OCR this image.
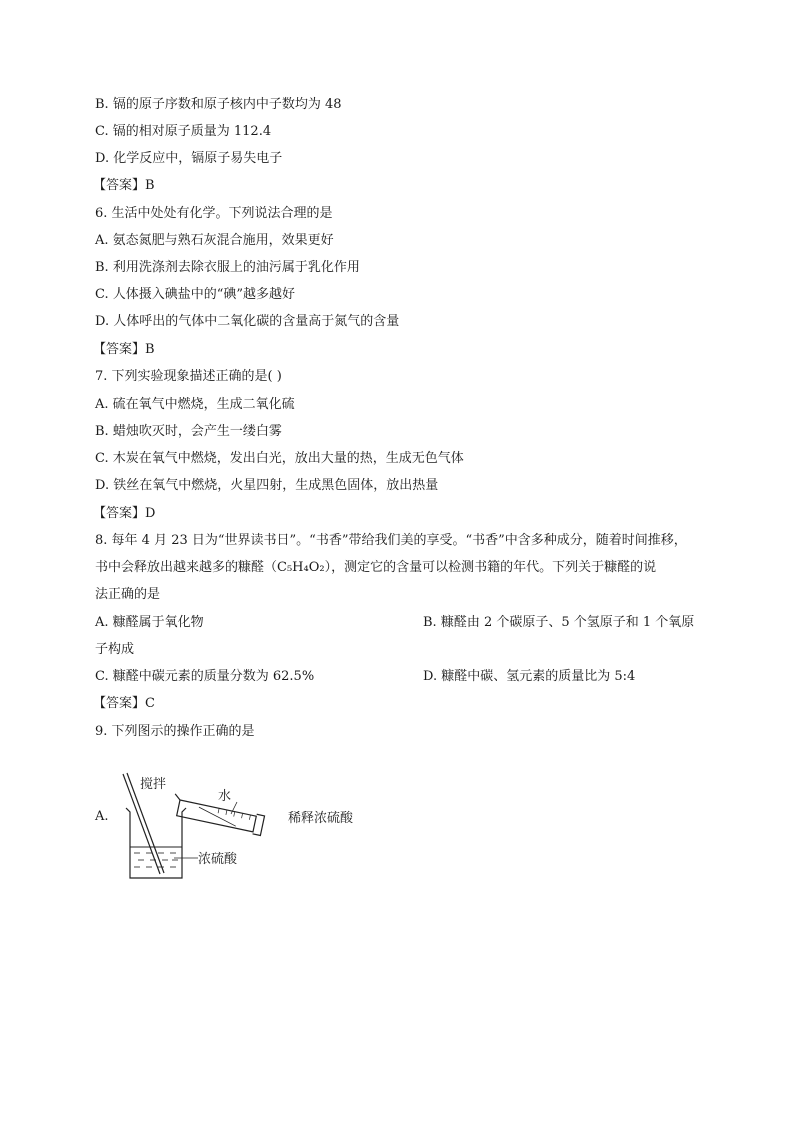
B. 镉的原子序数和原子核内中子数均为 48
C. 镉的相对原子质量为 112.4
D. 化学反应中，镉原子易失电子
【答案】B
6. 生活中处处有化学。下列说法合理的是
A. 氨态氮肥与熟石灰混合施用，效果更好
B. 利用洗涤剂去除衣服上的油污属于乳化作用
C. 人体摄入碘盐中的“碘”越多越好
D. 人体呼出的气体中二氧化碳的含量高于氮气的含量
【答案】B
7. 下列实验现象描述正确的是( )
A. 硫在氧气中燃烧，生成二氧化硫
B. 蜡烛吹灭时，会产生一缕白雾
C. 木炭在氧气中燃烧，发出白光，放出大量的热，生成无色气体
D. 铁丝在氧气中燃烧，火星四射，生成黑色固体，放出热量
【答案】D
8. 每年 4 月 23 日为“世界读书日”。“书香”带给我们美的享受。“书香”中含多种成分，随着时间推移，
书中会释放出越来越多的糠醛（C₅H₄O₂），测定它的含量可以检测书籍的年代。下列关于糠醛的说
法正确的是
A. 糠醛属于氧化物	B. 糠醛由 2 个碳原子、5 个氢原子和 1 个氧原
子构成
C. 糠醛中碳元素的质量分数为 62.5%	D. 糠醛中碳、氢元素的质量比为 5:4
【答案】C
9. 下列图示的操作正确的是
A.
搅拌
水
浓硫酸
稀释浓硫酸
